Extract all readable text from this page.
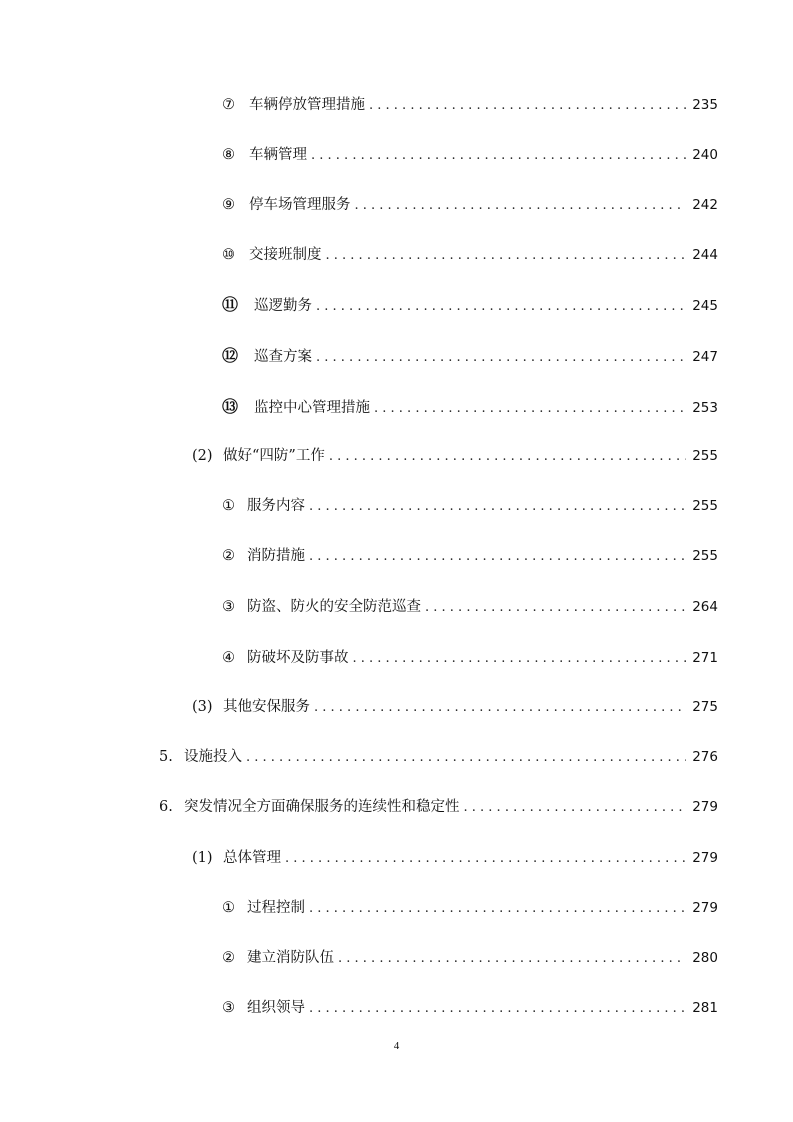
⑦ 车辆停放管理措施 . . .	235
⑧ 车辆管理 . . .	240
⑨ 停车场管理服务 . . .	242
⑩ 交接班制度 . . .	244
⑪	巡逻勤务 . . .	245
⑫	巡查方案 . . .	247
⑬	监控中心管理措施 . . .	253
(2) 做好“四防”工作 . . .	255
① 服务内容 . . .	255
② 消防措施 . . .	255
③ 防盗、防火的安全防范巡查 . . .	264
④ 防破坏及防事故 . . .	271
(3) 其他安保服务 . . .	275
5. 设施投入 . . .	276
6. 突发情况全方面确保服务的连续性和稳定性 . . .	279
(1) 总体管理 . . .	279
① 过程控制 . . .	279
② 建立消防队伍 . . .	280
③ 组织领导 . . .	281
4
